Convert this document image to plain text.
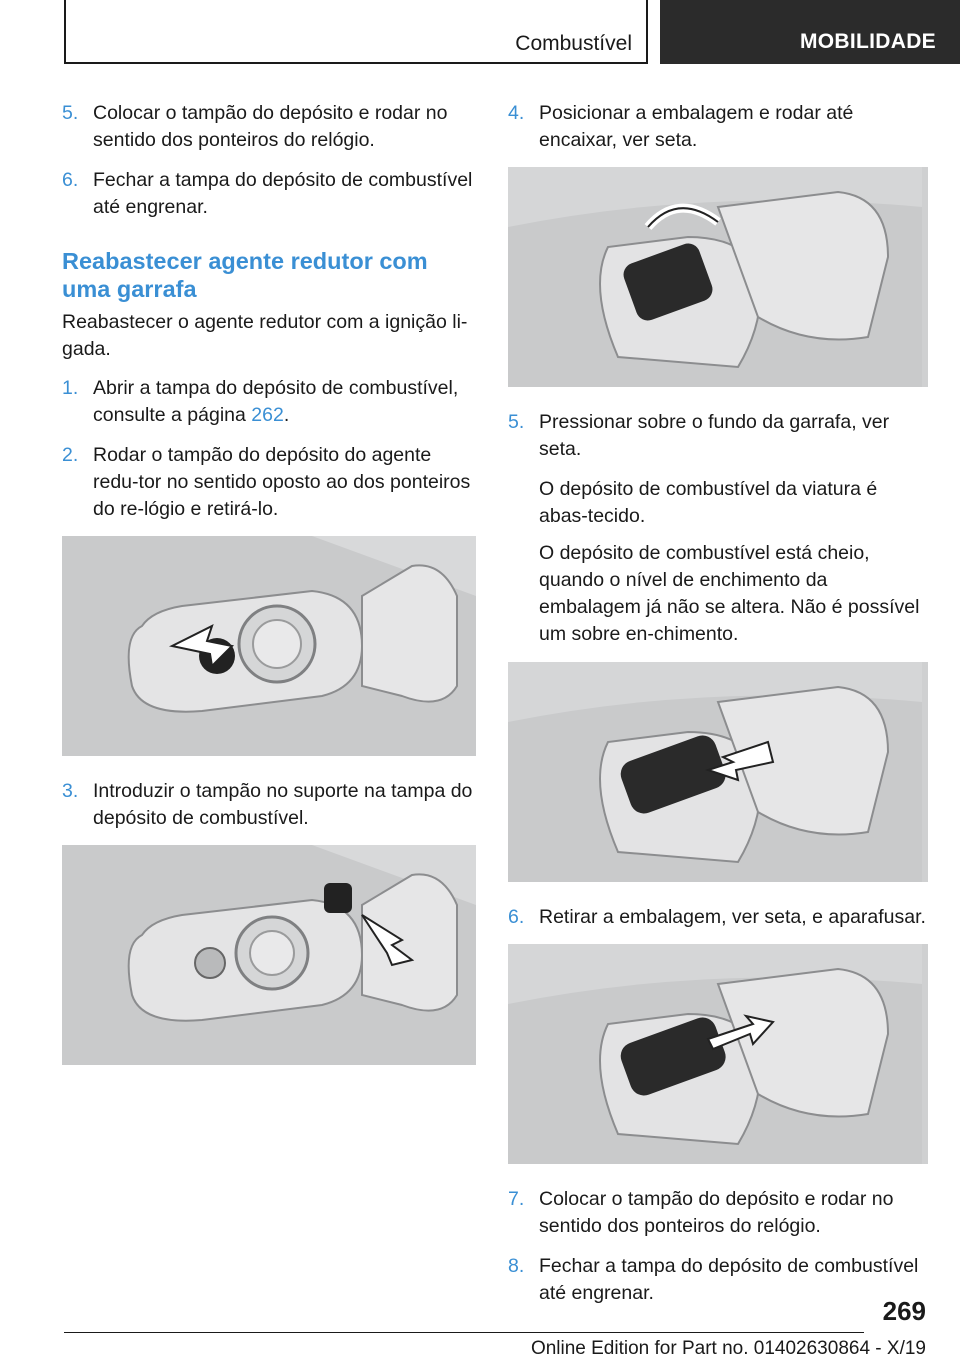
Combustível	MOBILIDADE
5. Colocar o tampão do depósito e rodar no sentido dos ponteiros do relógio.
6. Fechar a tampa do depósito de combustível até engrenar.
Reabastecer agente redutor com uma garrafa
Reabastecer o agente redutor com a ignição li-gada.
1. Abrir a tampa do depósito de combustível, consulte a página 262.
2. Rodar o tampão do depósito do agente redu-tor no sentido oposto ao dos ponteiros do re-lógio e retirá-lo.
3. Introduzir o tampão no suporte na tampa do depósito de combustível.
4. Posicionar a embalagem e rodar até encaixar, ver seta.
5. Pressionar sobre o fundo da garrafa, ver seta.
O depósito de combustível da viatura é abas-tecido.
O depósito de combustível está cheio, quando o nível de enchimento da embalagem já não se altera. Não é possível um sobre en-chimento.
6. Retirar a embalagem, ver seta, e aparafusar.
7. Colocar o tampão do depósito e rodar no sentido dos ponteiros do relógio.
8. Fechar a tampa do depósito de combustível até engrenar.
269
Online Edition for Part no. 01402630864 - X/19
